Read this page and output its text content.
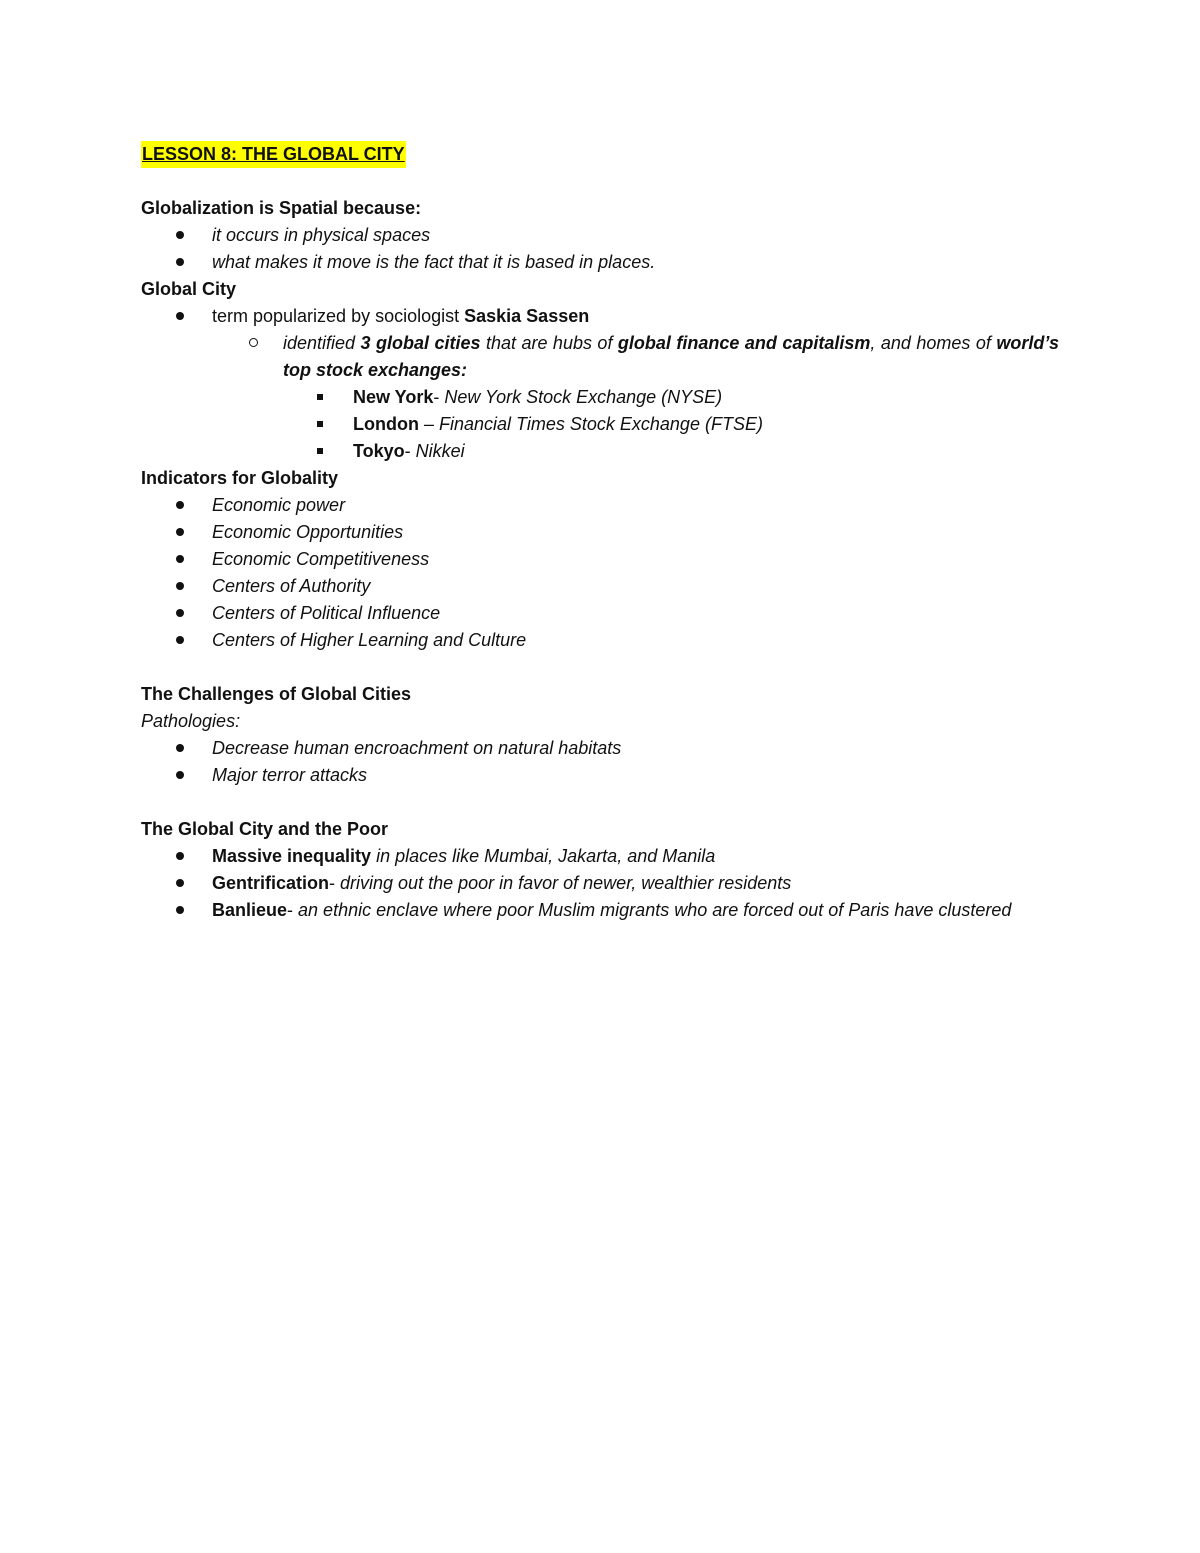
LESSON 8: THE GLOBAL CITY
Globalization is Spatial because:
it occurs in physical spaces
what makes it move is the fact that it is based in places.
Global City
term popularized by sociologist Saskia Sassen
identified 3 global cities that are hubs of global finance and capitalism, and homes of world’s top stock exchanges:
New York- New York Stock Exchange (NYSE)
London – Financial Times Stock Exchange (FTSE)
Tokyo- Nikkei
Indicators for Globality
Economic power
Economic Opportunities
Economic Competitiveness
Centers of Authority
Centers of Political Influence
Centers of Higher Learning and Culture
The Challenges of Global Cities
Pathologies:
Decrease human encroachment on natural habitats
Major terror attacks
The Global City and the Poor
Massive inequality in places like Mumbai, Jakarta, and Manila
Gentrification- driving out the poor in favor of newer, wealthier residents
Banlieue- an ethnic enclave where poor Muslim migrants who are forced out of Paris have clustered
